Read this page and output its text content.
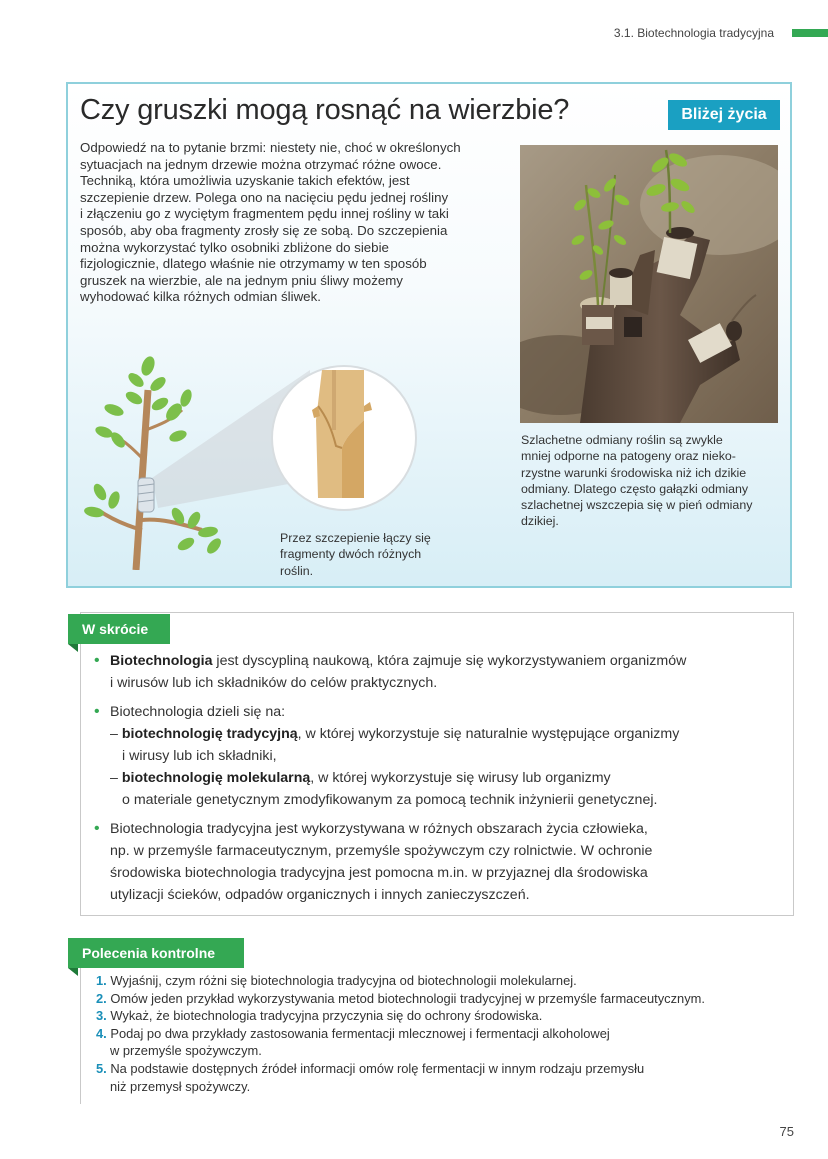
3.1. Biotechnologia tradycyjna
Czy gruszki mogą rosnąć na wierzbie?	Bliżej życia
Odpowiedź na to pytanie brzmi: niestety nie, choć w określonych
sytuacjach na jednym drzewie można otrzymać różne owoce.
Techniką, która umożliwia uzyskanie takich efektów, jest
szczepienie drzew. Polega ono na nacięciu pędu jednej rośliny
i złączeniu go z wyciętym fragmentem pędu innej rośliny w taki
sposób, aby oba fragmenty zrosły się ze sobą. Do szczepienia
można wykorzystać tylko osobniki zbliżone do siebie
fizjologicznie, dlatego właśnie nie otrzymamy w ten sposób
gruszek na wierzbie, ale na jednym pniu śliwy możemy
wyhodować kilka różnych odmian śliwek.
Szlachetne odmiany roślin są zwykle
mniej odporne na patogeny oraz nieko-
rzystne warunki środowiska niż ich dzikie
odmiany. Dlatego często gałązki odmiany
szlachetnej wszczepia się w pień odmiany
dzikiej.
Przez szczepienie łączy się
fragmenty dwóch różnych
roślin.
W skrócie
• Biotechnologia jest dyscypliną naukową, która zajmuje się wykorzystywaniem organizmów
i wirusów lub ich składników do celów praktycznych.
• Biotechnologia dzieli się na:
– biotechnologię tradycyjną, w której wykorzystuje się naturalnie występujące organizmy
i wirusy lub ich składniki,
– biotechnologię molekularną, w której wykorzystuje się wirusy lub organizmy
o materiale genetycznym zmodyfikowanym za pomocą technik inżynierii genetycznej.
• Biotechnologia tradycyjna jest wykorzystywana w różnych obszarach życia człowieka,
np. w przemyśle farmaceutycznym, przemyśle spożywczym czy rolnictwie. W ochronie
środowiska biotechnologia tradycyjna jest pomocna m.in. w przyjaznej dla środowiska
utylizacji ścieków, odpadów organicznych i innych zanieczyszczeń.
Polecenia kontrolne
1. Wyjaśnij, czym różni się biotechnologia tradycyjna od biotechnologii molekularnej.
2. Omów jeden przykład wykorzystywania metod biotechnologii tradycyjnej w przemyśle farmaceutycznym.
3. Wykaż, że biotechnologia tradycyjna przyczynia się do ochrony środowiska.
4. Podaj po dwa przykłady zastosowania fermentacji mlecznowej i fermentacji alkoholowej
w przemyśle spożywczym.
5. Na podstawie dostępnych źródeł informacji omów rolę fermentacji w innym rodzaju przemysłu
niż przemysł spożywczy.
75
